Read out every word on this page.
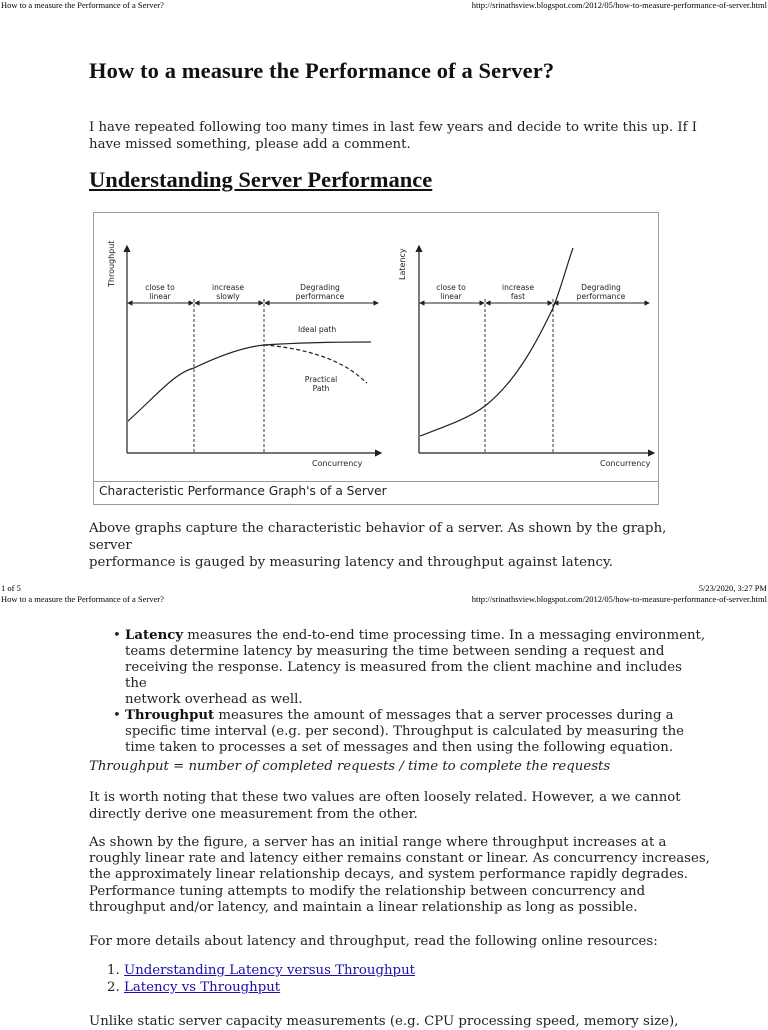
How to a measure the Performance of a Server?	http://srinathsview.blogspot.com/2012/05/how-to-measure-performance-of-server.html
How to a measure the Performance of a Server?

I have repeated following too many times in last few years and decide to write this up. If I
have missed something, please add a comment.

Understanding Server Performance
Throughput
Concurrency
close to linear
increase slowly
Degrading performance
Ideal path
Practical Path
Latency
Concurrency
close to linear
increase fast
Degrading performance
Characteristic Performance Graph's of a Server

Above graphs capture the characteristic behavior of a server. As shown by the graph, server
performance is gauged by measuring latency and throughput against latency.

1 of 5	5/23/2020, 3:27 PM
How to a measure the Performance of a Server?	http://srinathsview.blogspot.com/2012/05/how-to-measure-performance-of-server.html
• Latency measures the end-to-end time processing time. In a messaging environment,
teams determine latency by measuring the time between sending a request and
receiving the response. Latency is measured from the client machine and includes the
network overhead as well.
• Throughput measures the amount of messages that a server processes during a
specific time interval (e.g. per second). Throughput is calculated by measuring the
time taken to processes a set of messages and then using the following equation.

Throughput = number of completed requests / time to complete the requests

It is worth noting that these two values are often loosely related. However, a we cannot
directly derive one measurement from the other.

As shown by the figure, a server has an initial range where throughput increases at a
roughly linear rate and latency either remains constant or linear. As concurrency increases,
the approximately linear relationship decays, and system performance rapidly degrades.
Performance tuning attempts to modify the relationship between concurrency and
throughput and/or latency, and maintain a linear relationship as long as possible.

For more details about latency and throughput, read the following online resources:

1. Understanding Latency versus Throughput
2. Latency vs Throughput

Unlike static server capacity measurements (e.g. CPU processing speed, memory size),
